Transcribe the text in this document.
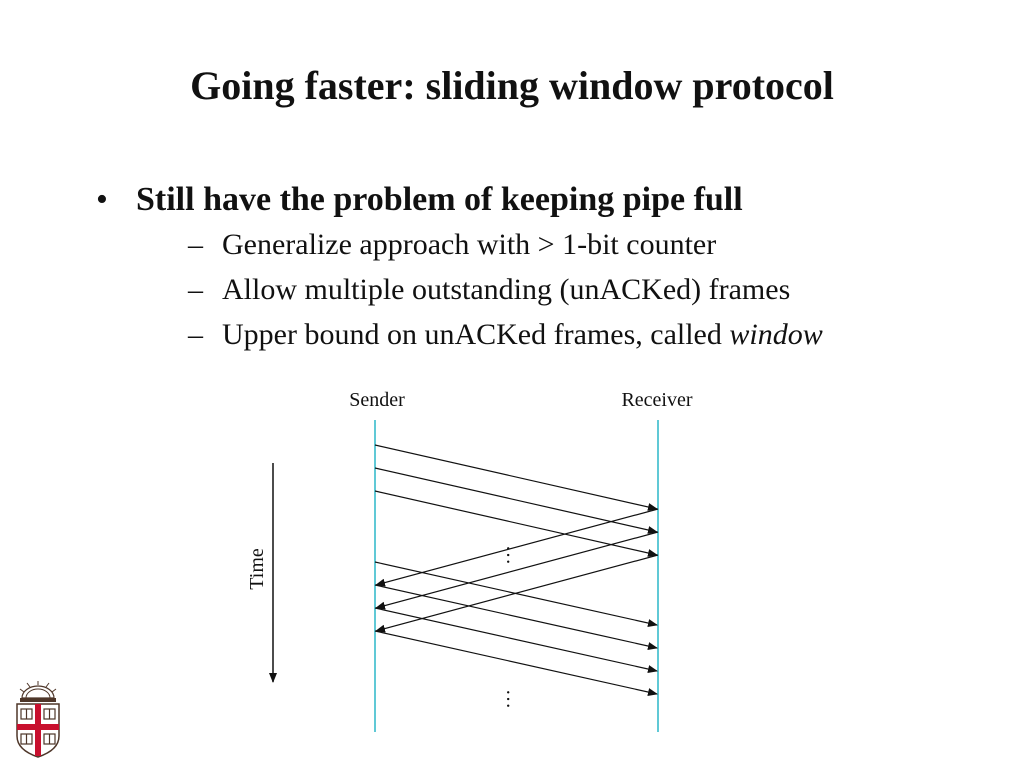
Going faster: sliding window protocol
• Still have the problem of keeping pipe full
– Generalize approach with > 1-bit counter
– Allow multiple outstanding (unACKed) frames
– Upper bound on unACKed frames, called window
Sender	Receiver
Time	…
…
